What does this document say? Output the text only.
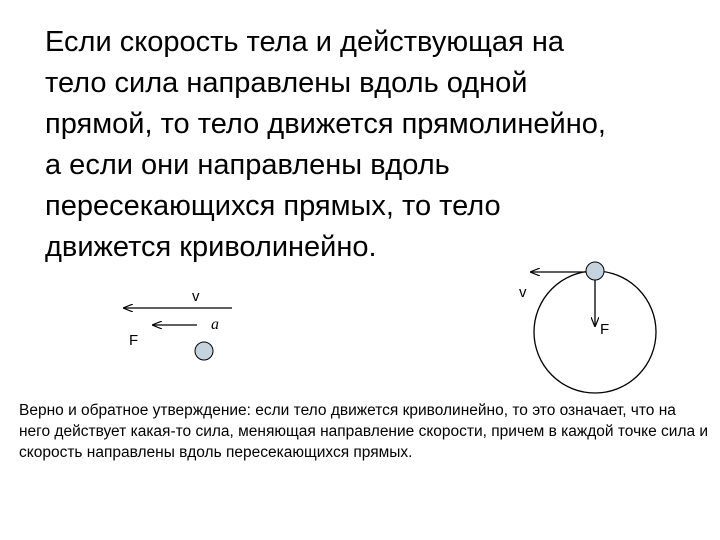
Если скорость тела и действующая на
тело сила направлены вдоль одной
прямой, то тело движется прямолинейно,
а если они направлены вдоль
пересекающихся прямых, то тело
движется криволинейно.

v
F
a
v
F

Верно и обратное утверждение: если тело движется криволинейно, то это означает, что на него действует какая-то сила, меняющая направление скорости, причем в каждой точке сила и скорость направлены вдоль пересекающихся прямых.
